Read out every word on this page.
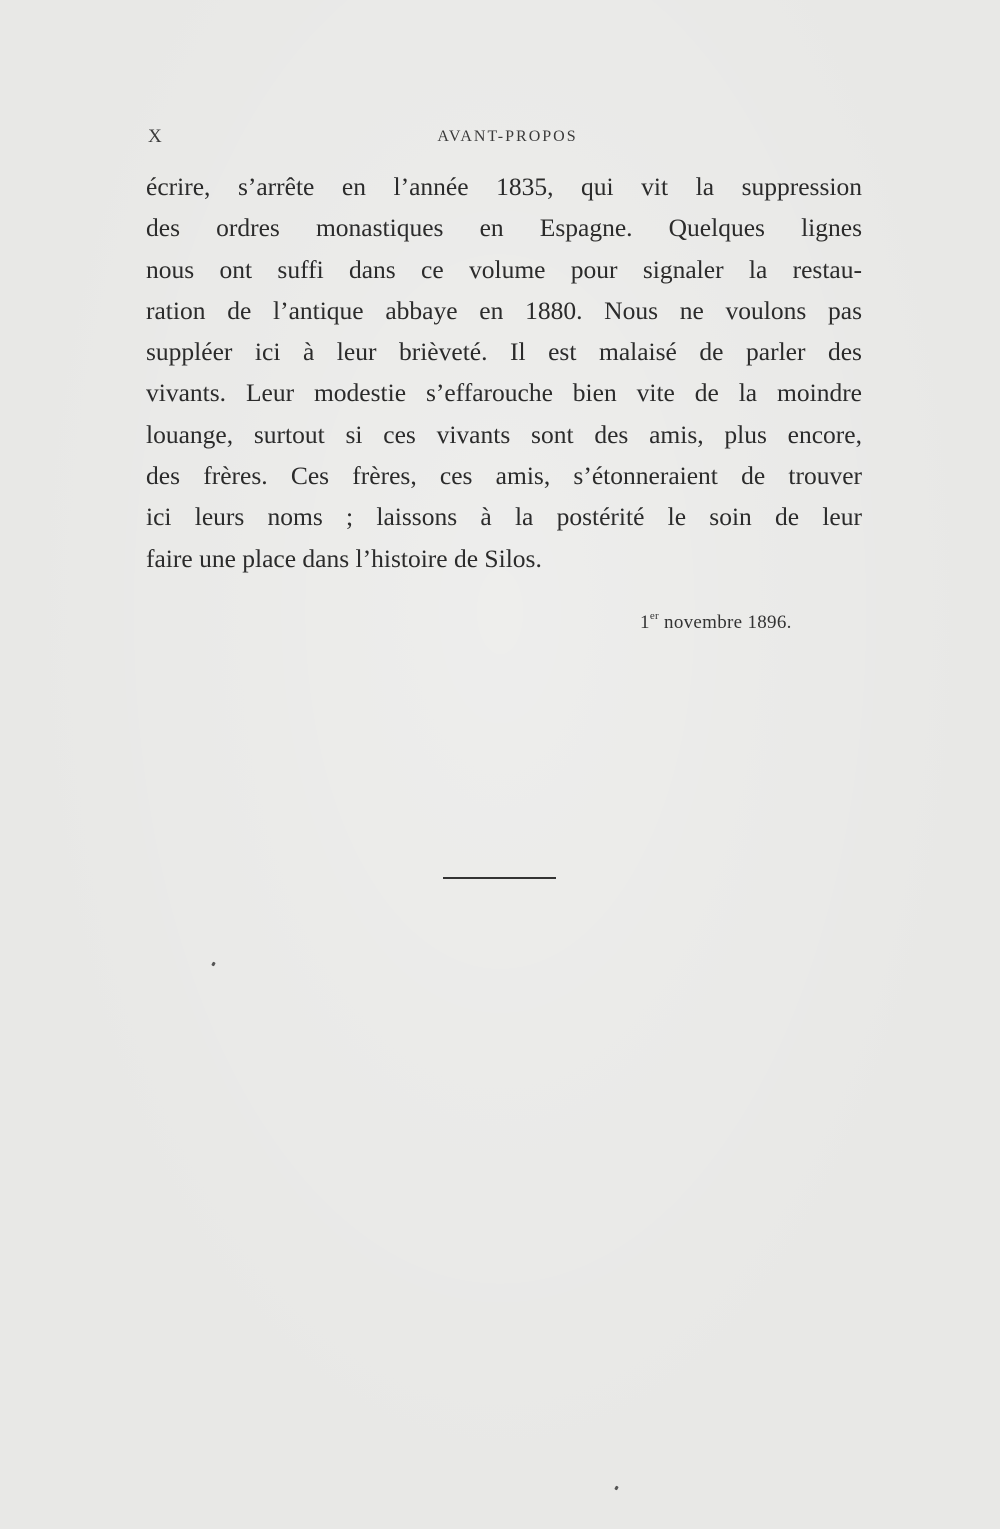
X	AVANT-PROPOS
écrire, s’arrête en l’année 1835, qui vit la suppression
des ordres monastiques en Espagne. Quelques lignes
nous ont suffi dans ce volume pour signaler la restau-
ration de l’antique abbaye en 1880. Nous ne voulons pas
suppléer ici à leur brièveté. Il est malaisé de parler des
vivants. Leur modestie s’effarouche bien vite de la moindre
louange, surtout si ces vivants sont des amis, plus encore,
des frères. Ces frères, ces amis, s’étonneraient de trouver
ici leurs noms ; laissons à la postérité le soin de leur
faire une place dans l’histoire de Silos.
1er novembre 1896.
